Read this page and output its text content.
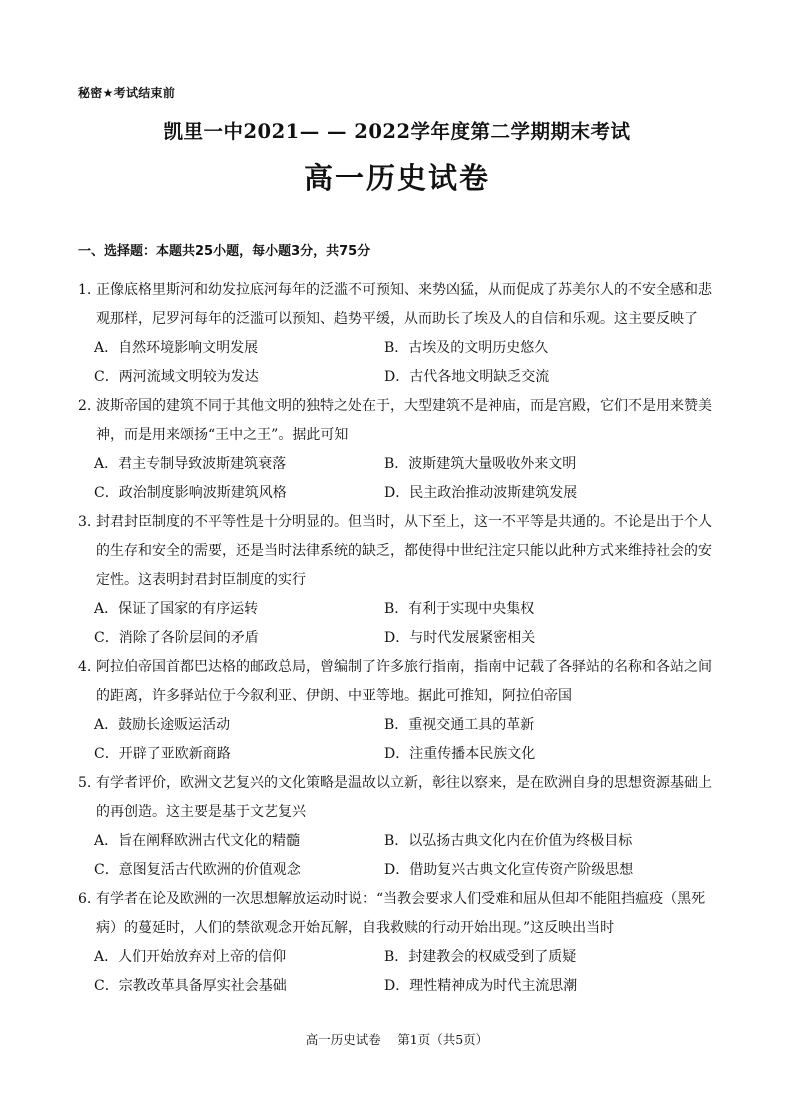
秘密★考试结束前
凯里一中2021— — 2022学年度第二学期期末考试
高一历史试卷
一、选择题：本题共25小题，每小题3分，共75分
1. 正像底格里斯河和幼发拉底河每年的泛滥不可预知、来势凶猛，从而促成了苏美尔人的不安全感和悲观那样，尼罗河每年的泛滥可以预知、趋势平缓，从而助长了埃及人的自信和乐观。这主要反映了
A．自然环境影响文明发展	B．古埃及的文明历史悠久
C．两河流域文明较为发达	D．古代各地文明缺乏交流
2. 波斯帝国的建筑不同于其他文明的独特之处在于，大型建筑不是神庙，而是宫殿，它们不是用来赞美神，而是用来颂扬“王中之王”。据此可知
A．君主专制导致波斯建筑衰落	B．波斯建筑大量吸收外来文明
C．政治制度影响波斯建筑风格	D．民主政治推动波斯建筑发展
3. 封君封臣制度的不平等性是十分明显的。但当时，从下至上，这一不平等是共通的。不论是出于个人的生存和安全的需要，还是当时法律系统的缺乏，都使得中世纪注定只能以此种方式来维持社会的安定性。这表明封君封臣制度的实行
A．保证了国家的有序运转	B．有利于实现中央集权
C．消除了各阶层间的矛盾	D．与时代发展紧密相关
4. 阿拉伯帝国首都巴达格的邮政总局，曾编制了许多旅行指南，指南中记载了各驿站的名称和各站之间的距离，许多驿站位于今叙利亚、伊朗、中亚等地。据此可推知，阿拉伯帝国
A．鼓励长途贩运活动	B．重视交通工具的革新
C．开辟了亚欧新商路	D．注重传播本民族文化
5. 有学者评价，欧洲文艺复兴的文化策略是温故以立新，彰往以察来，是在欧洲自身的思想资源基础上的再创造。这主要是基于文艺复兴
A．旨在阐释欧洲古代文化的精髓	B．以弘扬古典文化内在价值为终极目标
C．意图复活古代欧洲的价值观念	D．借助复兴古典文化宣传资产阶级思想
6. 有学者在论及欧洲的一次思想解放运动时说：“当教会要求人们受难和屈从但却不能阻挡瘟疫（黑死病）的蔓延时，人们的禁欲观念开始瓦解，自我救赎的行动开始出现。”这反映出当时
A．人们开始放弃对上帝的信仰	B．封建教会的权威受到了质疑
C．宗教改革具备厚实社会基础	D．理性精神成为时代主流思潮
高一历史试卷　 第1页（共5页）
